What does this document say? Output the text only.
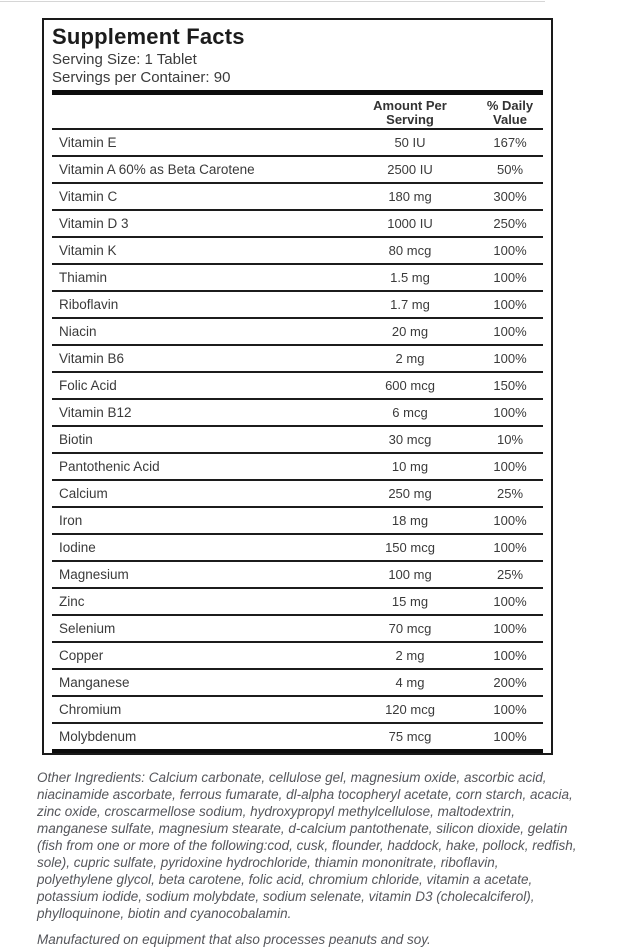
Supplement Facts
Serving Size: 1 Tablet
Servings per Container: 90
Amount Per
Serving
% Daily
Value
Vitamin E	50 IU	167%
Vitamin A 60% as Beta Carotene	2500 IU	50%
Vitamin C	180 mg	300%
Vitamin D 3	1000 IU	250%
Vitamin K	80 mcg	100%
Thiamin	1.5 mg	100%
Riboflavin	1.7 mg	100%
Niacin	20 mg	100%
Vitamin B6	2 mg	100%
Folic Acid	600 mcg	150%
Vitamin B12	6 mcg	100%
Biotin	30 mcg	10%
Pantothenic Acid	10 mg	100%
Calcium	250 mg	25%
Iron	18 mg	100%
Iodine	150 mcg	100%
Magnesium	100 mg	25%
Zinc	15 mg	100%
Selenium	70 mcg	100%
Copper	2 mg	100%
Manganese	4 mg	200%
Chromium	120 mcg	100%
Molybdenum	75 mcg	100%

Other Ingredients: Calcium carbonate, cellulose gel, magnesium oxide, ascorbic acid, niacinamide ascorbate, ferrous fumarate, dl-alpha tocopheryl acetate, corn starch, acacia, zinc oxide, croscarmellose sodium, hydroxypropyl methylcellulose, maltodextrin, manganese sulfate, magnesium stearate, d-calcium pantothenate, silicon dioxide, gelatin (fish from one or more of the following:cod, cusk, flounder, haddock, hake, pollock, redfish, sole), cupric sulfate, pyridoxine hydrochloride, thiamin mononitrate, riboflavin, polyethylene glycol, beta carotene, folic acid, chromium chloride, vitamin a acetate, potassium iodide, sodium molybdate, sodium selenate, vitamin D3 (cholecalciferol), phylloquinone, biotin and cyanocobalamin.

Manufactured on equipment that also processes peanuts and soy.
